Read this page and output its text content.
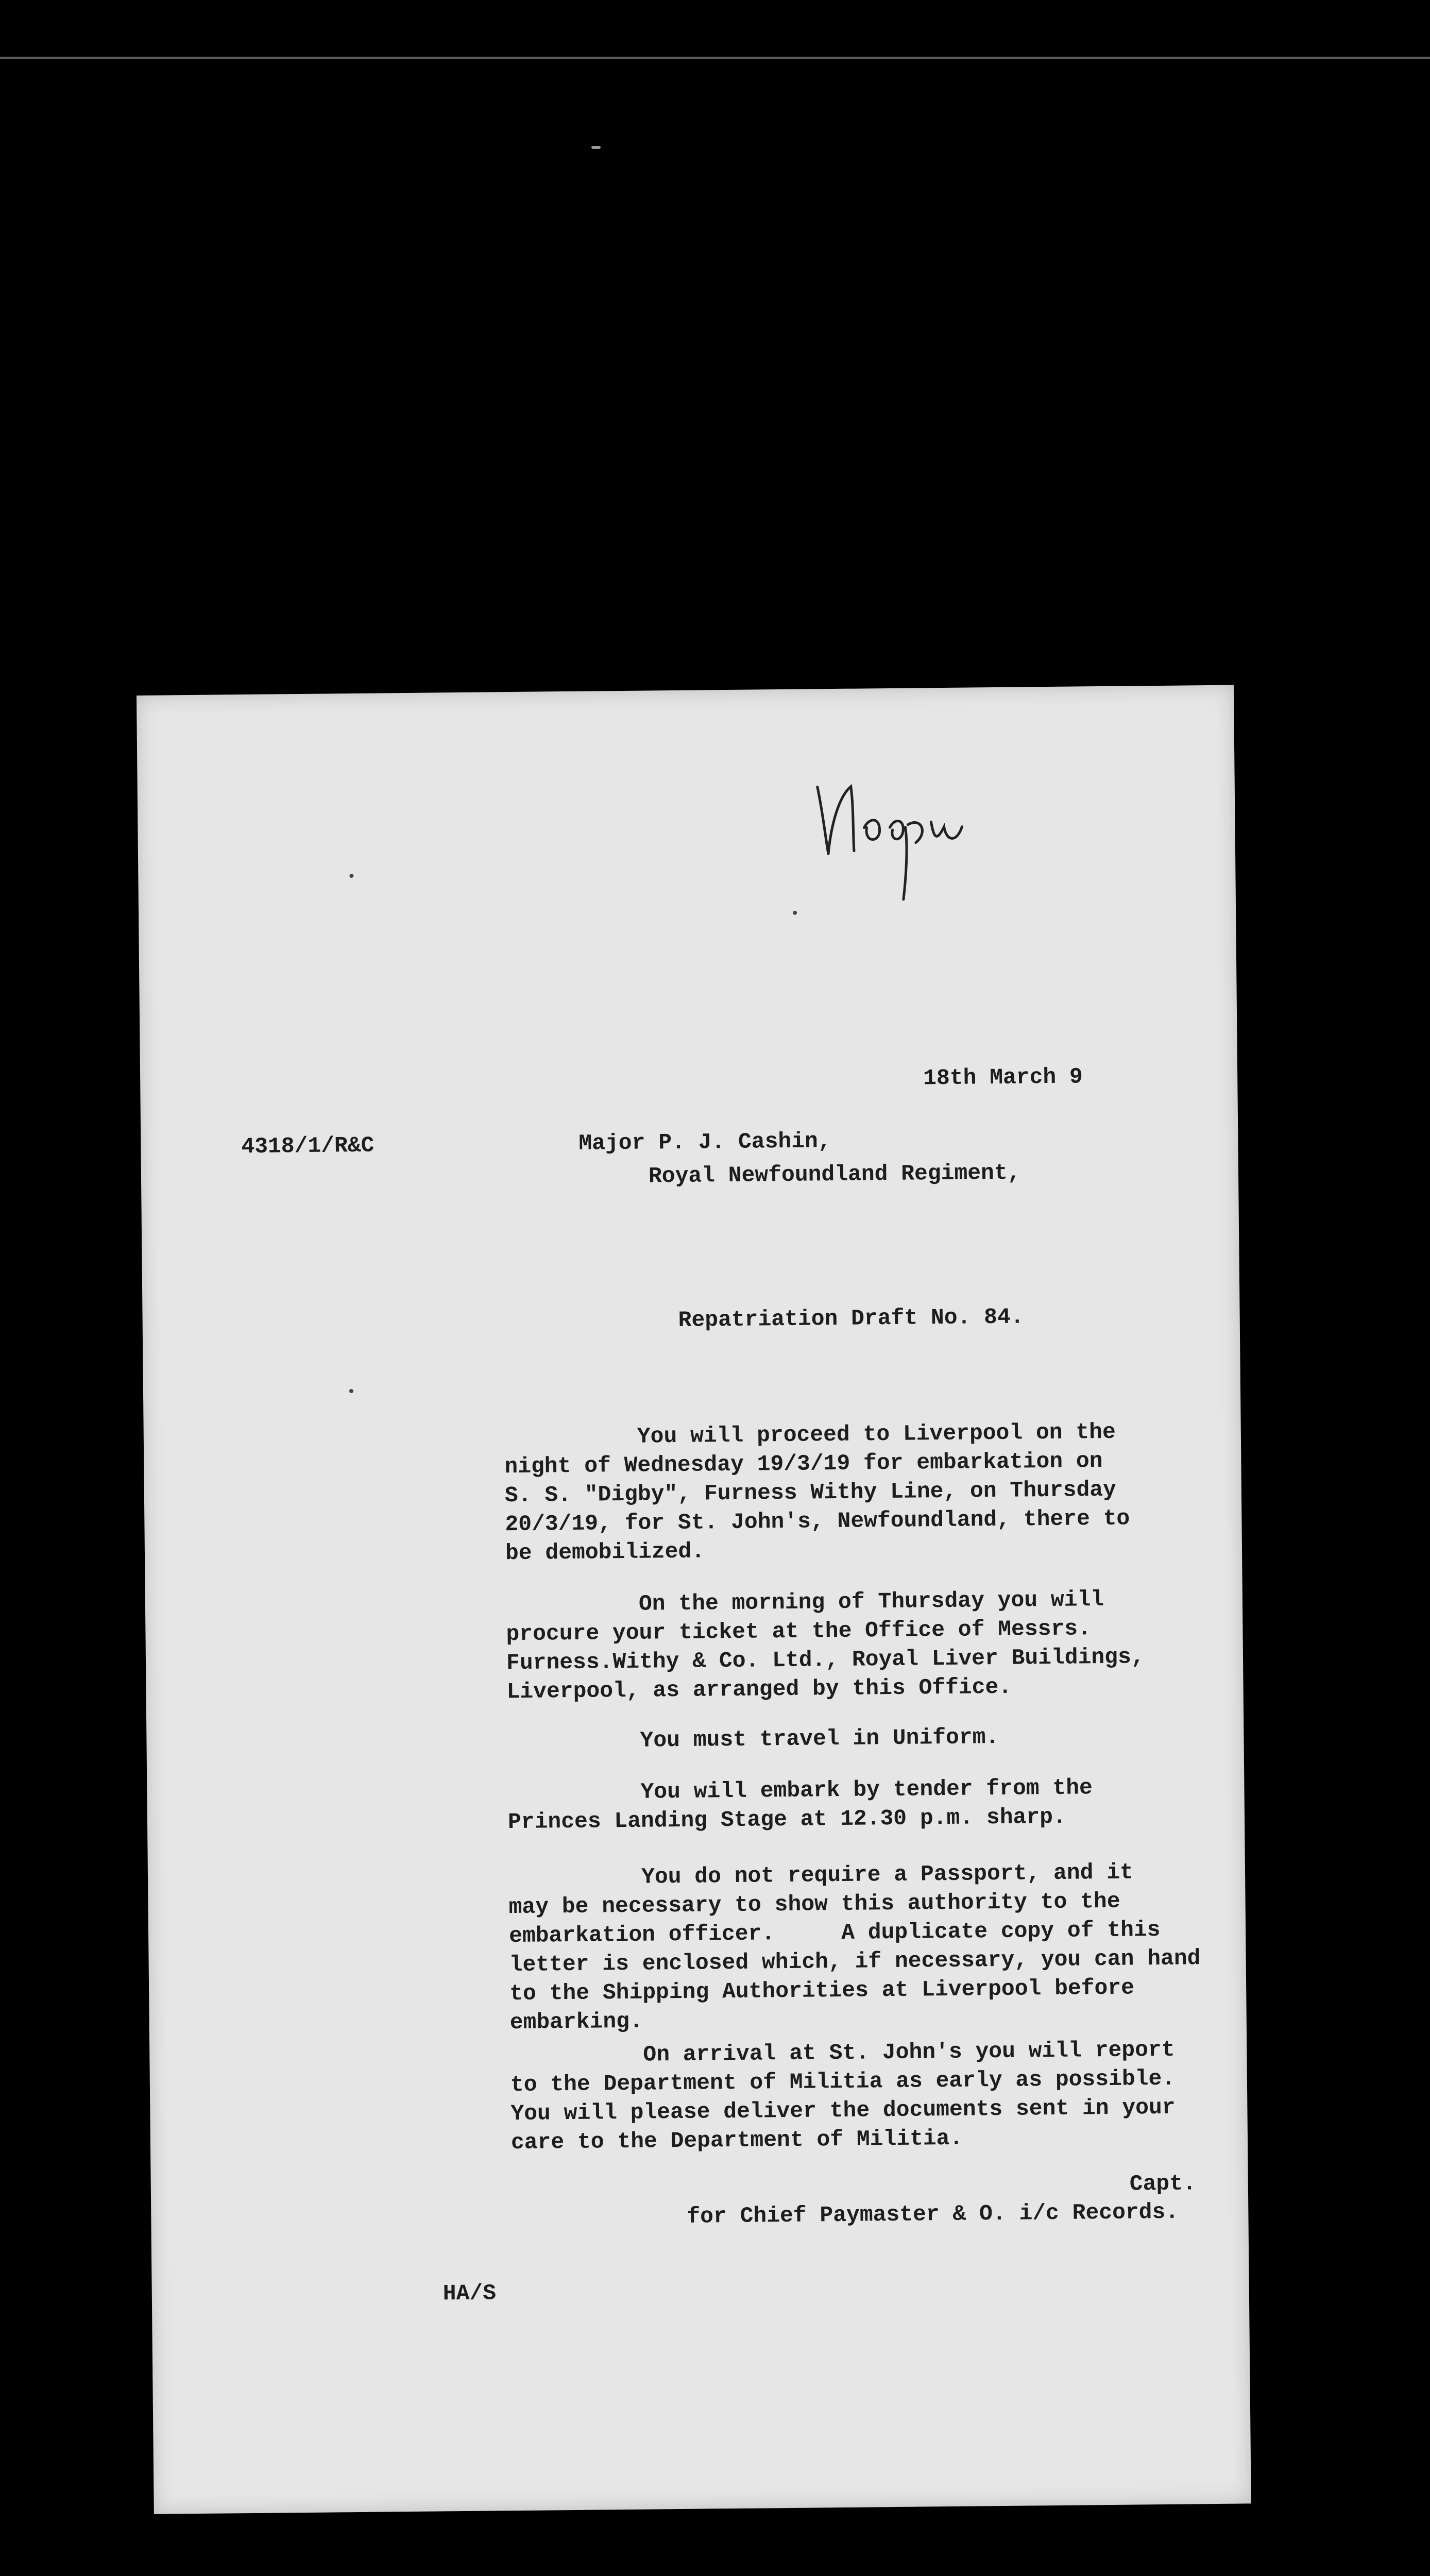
18th March 9
4318/1/R&C	Major P. J. Cashin,
Royal Newfoundland Regiment,
Repatriation Draft No. 84.
You will proceed to Liverpool on the
night of Wednesday 19/3/19 for embarkation on
S. S. "Digby", Furness Withy Line, on Thursday
20/3/19, for St. John's, Newfoundland, there to
be demobilized.
On the morning of Thursday you will
procure your ticket at the Office of Messrs.
Furness.Withy & Co. Ltd., Royal Liver Buildings,
Liverpool, as arranged by this Office.
You must travel in Uniform.
You will embark by tender from the
Princes Landing Stage at 12.30 p.m. sharp.
You do not require a Passport, and it
may be necessary to show this authority to the
embarkation officer.     A duplicate copy of this
letter is enclosed which, if necessary, you can hand
to the Shipping Authorities at Liverpool before
embarking.
On arrival at St. John's you will report
to the Department of Militia as early as possible.
You will please deliver the documents sent in your
care to the Department of Militia.
Capt.
for Chief Paymaster & O. i/c Records.
HA/S
